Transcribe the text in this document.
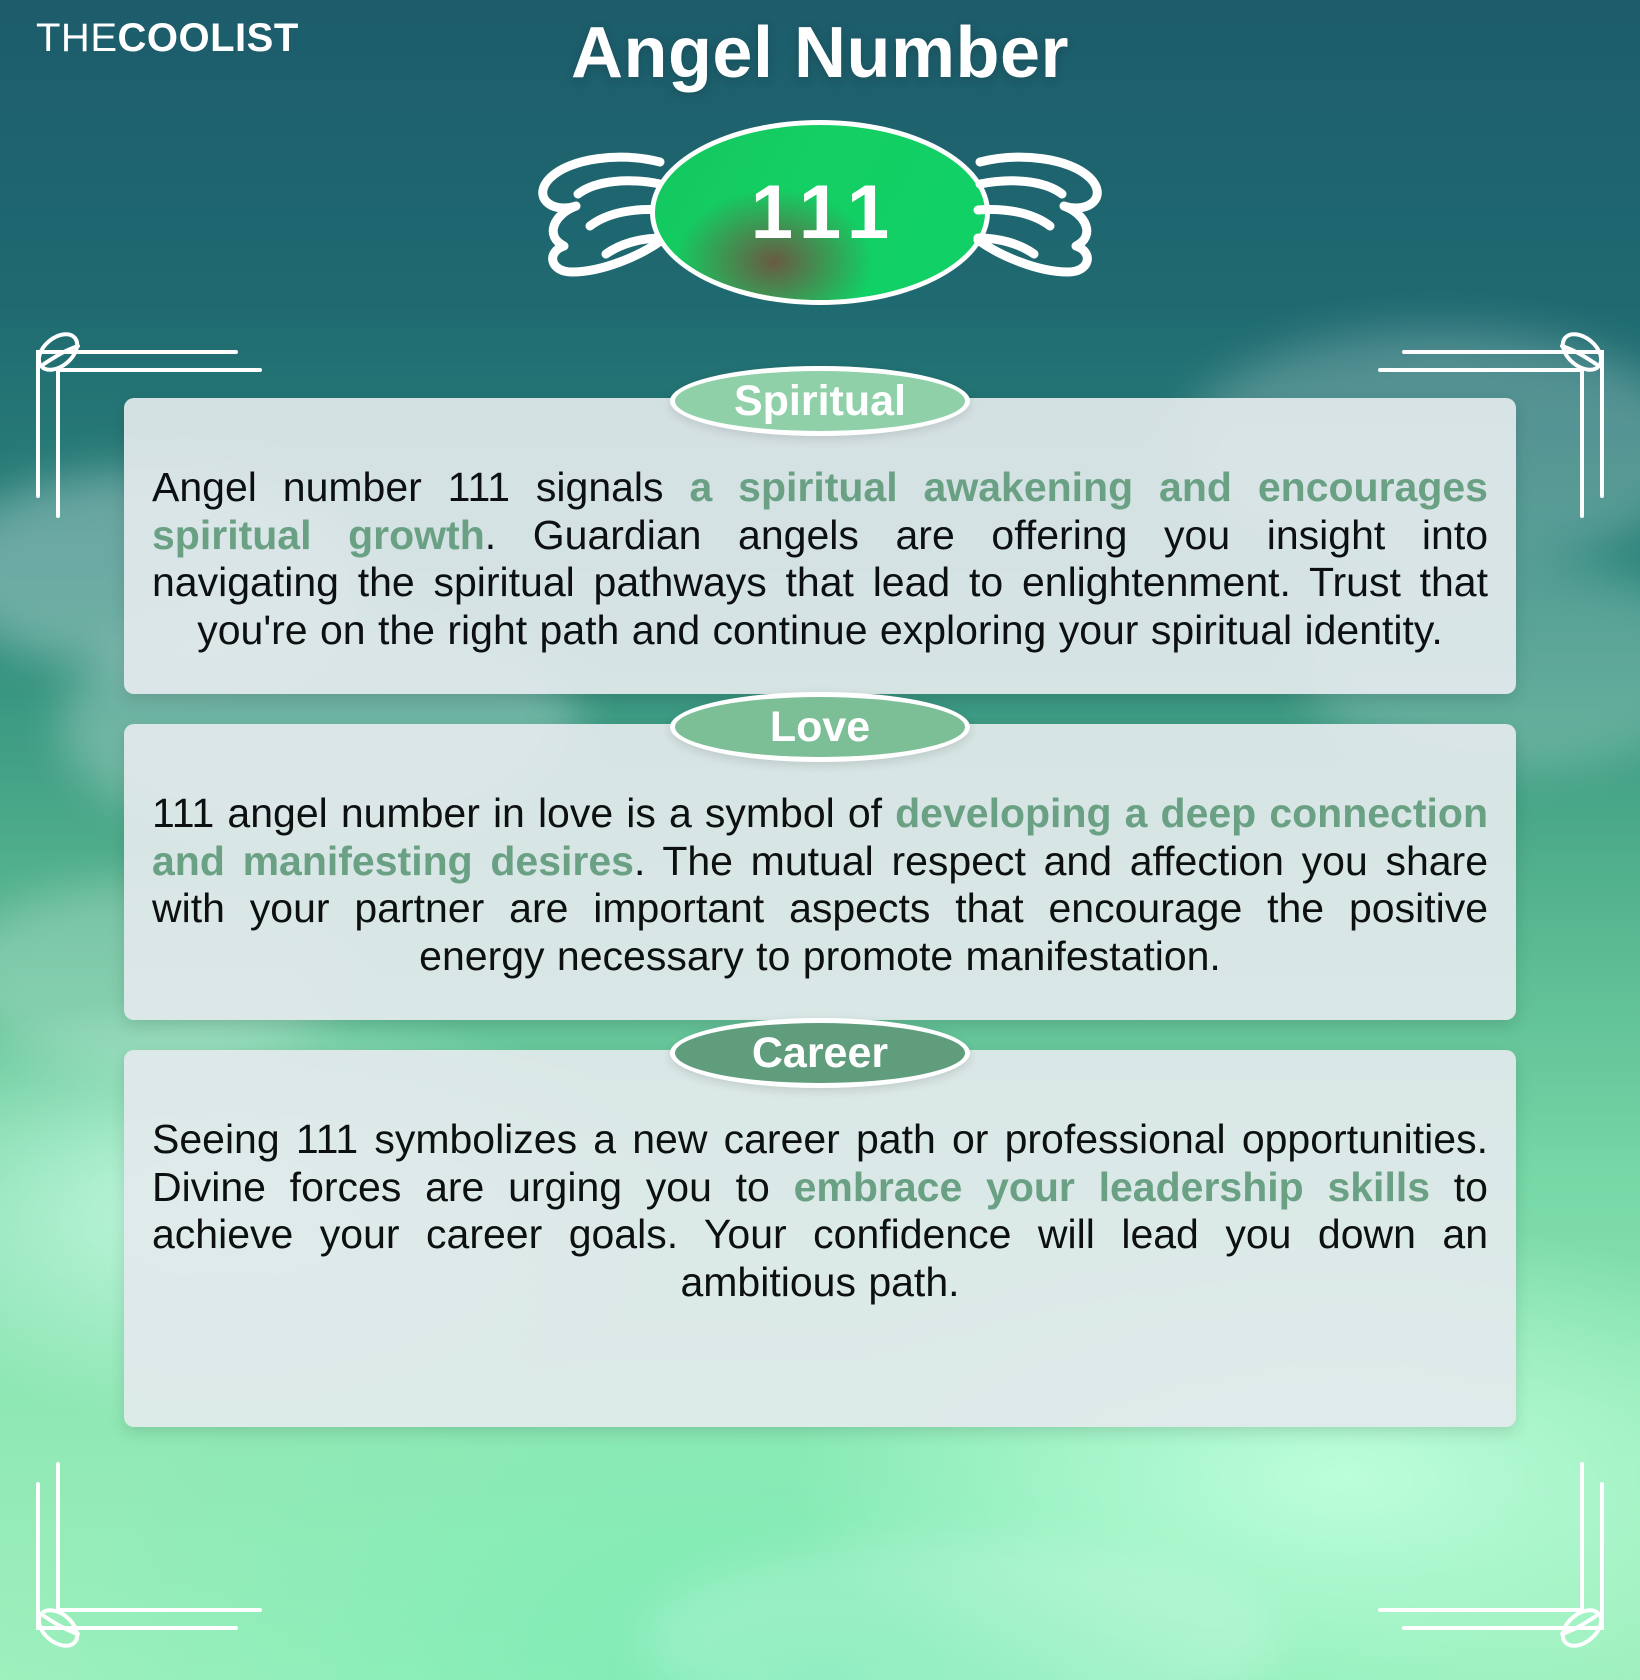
THECOOLIST	Angel Number
111
Spiritual

Angel number 111 signals a spiritual awakening and encourages spiritual growth. Guardian angels are offering you insight into navigating the spiritual pathways that lead to enlightenment. Trust that you're on the right path and continue exploring your spiritual identity.

Love

111 angel number in love is a symbol of developing a deep connection and manifesting desires. The mutual respect and affection you share with your partner are important aspects that encourage the positive energy necessary to promote manifestation.

Career

Seeing 111 symbolizes a new career path or professional opportunities. Divine forces are urging you to embrace your leadership skills to achieve your career goals. Your confidence will lead you down an ambitious path.
